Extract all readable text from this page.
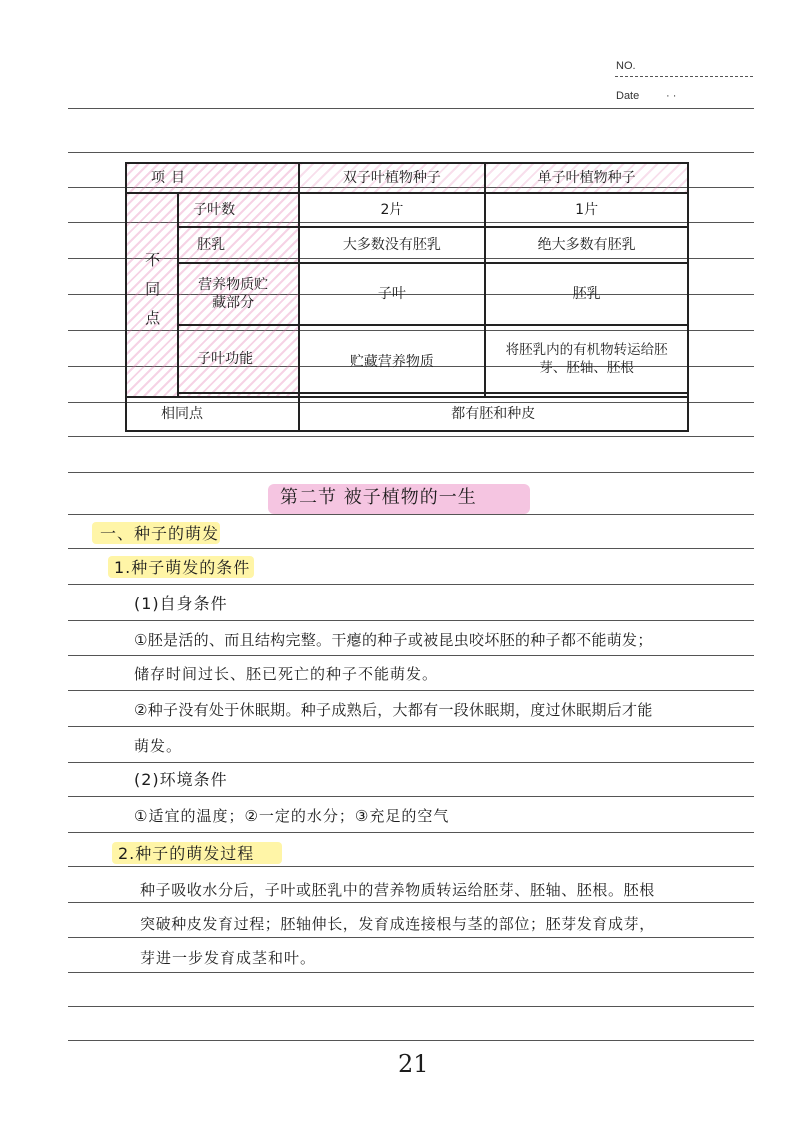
NO.
Date · ·
项目		双子叶植物种子	单子叶植物种子

不同点	子叶数	2片	1片

胚乳	大多数没有胚乳	绝大多数有胚乳

营养物质贮藏部分	子叶	胚乳

子叶功能	贮藏营养物质	将胚乳内的有机物转运给胚芽、胚轴、胚根

相同点		都有胚和种皮	
第二节 被子植物的一生
一、种子的萌发
1.种子萌发的条件
(1)自身条件
①胚是活的、而且结构完整。干瘪的种子或被昆虫咬坏胚的种子都不能萌发；
储存时间过长、胚已死亡的种子不能萌发。
②种子没有处于休眠期。种子成熟后，大都有一段休眠期，度过休眠期后才能
萌发。
(2)环境条件
①适宜的温度；②一定的水分；③充足的空气
2.种子的萌发过程
种子吸收水分后，子叶或胚乳中的营养物质转运给胚芽、胚轴、胚根。胚根
突破种皮发育过程；胚轴伸长，发育成连接根与茎的部位；胚芽发育成芽，
芽进一步发育成茎和叶。
21
